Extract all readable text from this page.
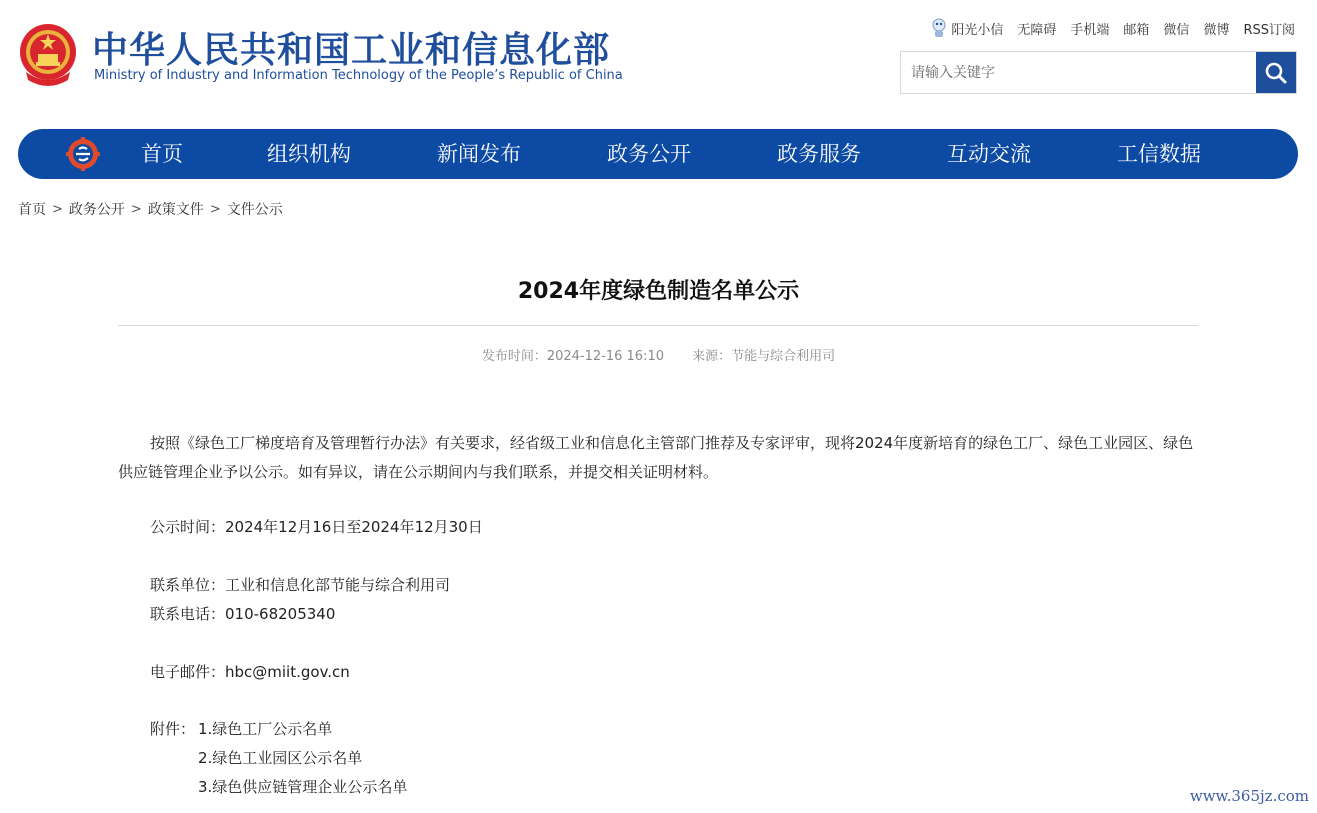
中华人民共和国工业和信息化部
Ministry of Industry and Information Technology of the People’s Republic of China
阳光小信 无障碍 手机端 邮箱 微信 微博 RSS订阅
请输入关键字
首页	组织机构	新闻发布	政务公开	政务服务	互动交流	工信数据
首页 > 政务公开 > 政策文件 > 文件公示
2024年度绿色制造名单公示
发布时间：2024-12-16 16:10 来源：节能与综合利用司
按照《绿色工厂梯度培育及管理暂行办法》有关要求，经省级工业和信息化主管部门推荐及专家评审，现将2024年度新培育的绿色工厂、绿色工业园区、绿色供应链管理企业予以公示。如有异议，请在公示期间内与我们联系，并提交相关证明材料。
公示时间：2024年12月16日至2024年12月30日
联系单位：工业和信息化部节能与综合利用司
联系电话：010-68205340
电子邮件：hbc@miit.gov.cn
附件： 1.绿色工厂公示名单
2.绿色工业园区公示名单
3.绿色供应链管理企业公示名单	www.365jz.com
